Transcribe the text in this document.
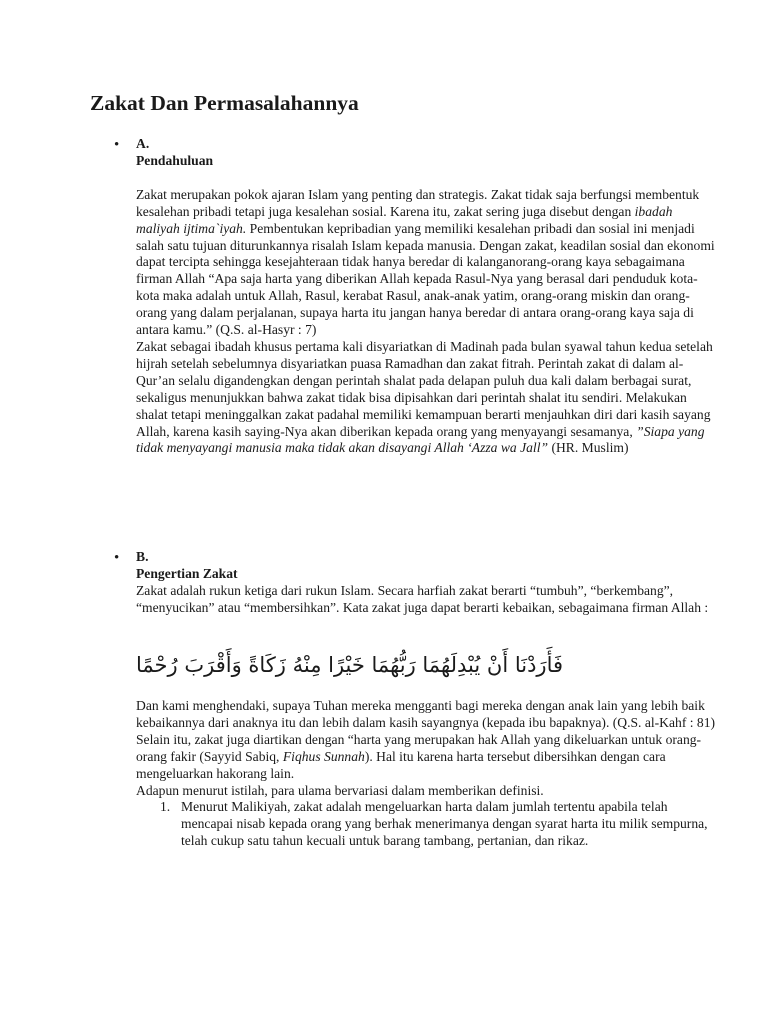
Zakat Dan Permasalahannya
• A.
Pendahuluan

Zakat merupakan pokok ajaran Islam yang penting dan strategis. Zakat tidak saja berfungsi membentuk kesalehan pribadi tetapi juga kesalehan sosial. Karena itu, zakat sering juga disebut dengan ibadah maliyah ijtima`iyah. Pembentukan kepribadian yang memiliki kesalehan pribadi dan sosial ini menjadi salah satu tujuan diturunkannya risalah Islam kepada manusia. Dengan zakat, keadilan sosial dan ekonomi dapat tercipta sehingga kesejahteraan tidak hanya beredar di kalanganorang-orang kaya sebagaimana firman Allah “Apa saja harta yang diberikan Allah kepada Rasul-Nya yang berasal dari penduduk kota-kota maka adalah untuk Allah, Rasul, kerabat Rasul, anak-anak yatim, orang-orang miskin dan orang-orang yang dalam perjalanan, supaya harta itu jangan hanya beredar di antara orang-orang kaya saja di antara kamu.” (Q.S. al-Hasyr : 7)

Zakat sebagai ibadah khusus pertama kali disyariatkan di Madinah pada bulan syawal tahun kedua setelah hijrah setelah sebelumnya disyariatkan puasa Ramadhan dan zakat fitrah. Perintah zakat di dalam al-Qur’an selalu digandengkan dengan perintah shalat pada delapan puluh dua kali dalam berbagai surat, sekaligus menunjukkan bahwa zakat tidak bisa dipisahkan dari perintah shalat itu sendiri. Melakukan shalat tetapi meninggalkan zakat padahal memiliki kemampuan berarti menjauhkan diri dari kasih sayang Allah, karena kasih saying-Nya akan diberikan kepada orang yang menyayangi sesamanya, ”Siapa yang tidak menyayangi manusia maka tidak akan disayangi Allah ‘Azza wa Jall” (HR. Muslim)

• B.
Pengertian Zakat

Zakat adalah rukun ketiga dari rukun Islam. Secara harfiah zakat berarti “tumbuh”, “berkembang”, “menyucikan” atau “membersihkan”. Kata zakat juga dapat berarti kebaikan, sebagaimana firman Allah :

فَأَرَدْنَا أَنْ يُبْدِلَهُمَا رَبُّهُمَا خَيْرًا مِنْهُ زَكَاةً وَأَقْرَبَ رُحْمًا

Dan kami menghendaki, supaya Tuhan mereka mengganti bagi mereka dengan anak lain yang lebih baik kebaikannya dari anaknya itu dan lebih dalam kasih sayangnya (kepada ibu bapaknya). (Q.S. al-Kahf : 81)

Selain itu, zakat juga diartikan dengan “harta yang merupakan hak Allah yang dikeluarkan untuk orang-orang fakir (Sayyid Sabiq, Fiqhus Sunnah). Hal itu karena harta tersebut dibersihkan dengan cara mengeluarkan hakorang lain.

Adapun menurut istilah, para ulama bervariasi dalam memberikan definisi.

1. Menurut Malikiyah, zakat adalah mengeluarkan harta dalam jumlah tertentu apabila telah mencapai nisab kepada orang yang berhak menerimanya dengan syarat harta itu milik sempurna, telah cukup satu tahun kecuali untuk barang tambang, pertanian, dan rikaz.
